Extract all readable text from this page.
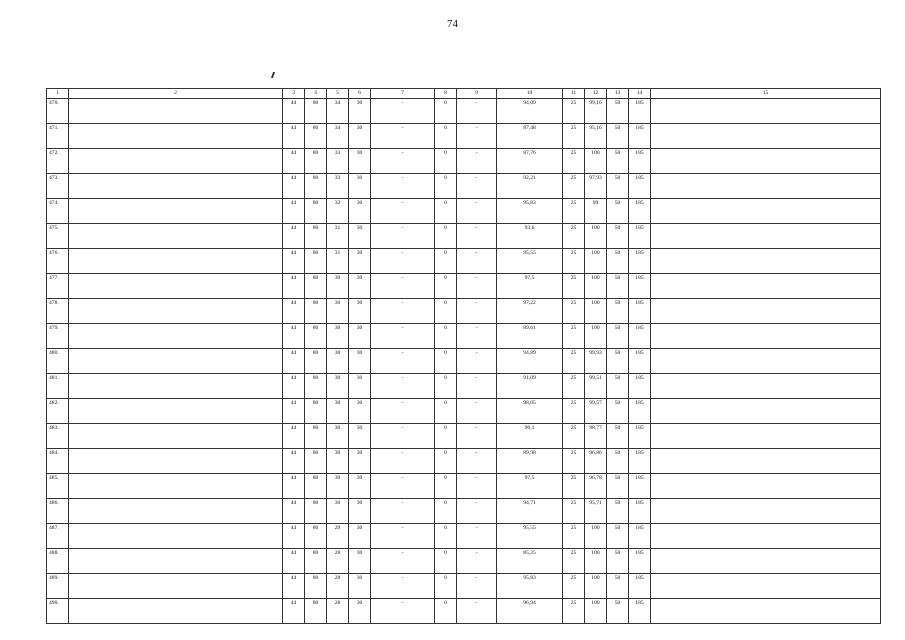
74
1	2	3	4	5	6	7	8	9	10	11	12	13	14	15
470.		44	80	34	30	-	0	-	94,09	25	99,16	50	185	
471.		44	80	34	30	-	0	-	87,48	25	95,16	50	185	
472.		44	80	33	30	-	0	-	87,76	25	100	50	185	
473.		44	80	33	30	-	0	-	92,21	25	97,93	50	185	
474.		44	80	32	30	-	0	-	95,83	25	99	50	185	
475.		44	80	31	30	-	0	-	93,6	25	100	50	185	
476.		44	80	31	30	-	0	-	95,55	25	100	50	185	
477.		44	80	30	30	-	0	-	97,5	25	100	50	185	
478.		44	80	30	30	-	0	-	97,22	25	100	50	185	
479.		44	80	30	30	-	0	-	89,61	25	100	50	185	
480.		44	80	30	30	-	0	-	94,89	25	99,93	50	185	
481.		44	80	30	30	-	0	-	91,09	25	99,51	50	185	
482.		44	80	30	30	-	0	-	98,05	25	99,57	50	185	
483.		44	80	30	30	-	0	-	96,1	25	98,77	50	185	
484.		44	80	30	30	-	0	-	89,98	25	96,86	50	185	
485.		44	80	30	30	-	0	-	97,5	25	96,78	50	185	
486.		44	80	30	30	-	0	-	94,71	25	95,71	50	185	
487.		44	80	29	30	-	0	-	95,55	25	100	50	185	
488.		44	80	28	30	-	0	-	85,25	25	100	50	185	
489.		44	80	28	30	-	0	-	95,83	25	100	50	185	
490.		44	80	28	30	-	0	-	96,94	25	100	50	185	
